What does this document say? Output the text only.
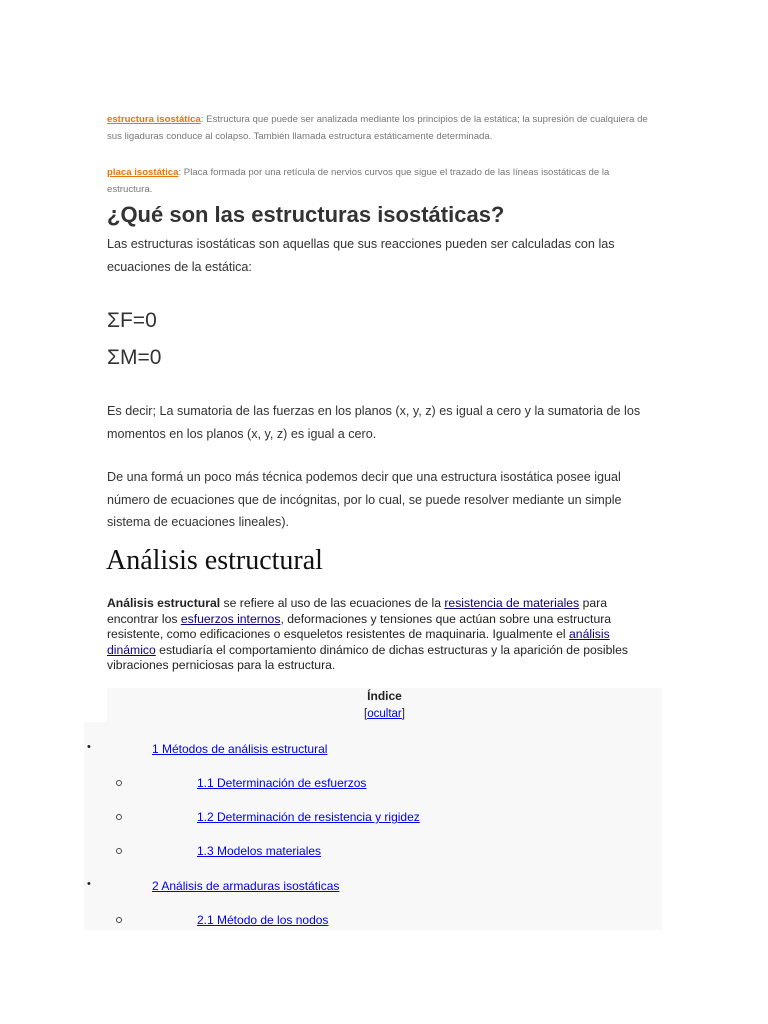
estructura isostática: Estructura que puede ser analizada mediante los principios de la estática; la supresión de cualquiera de sus ligaduras conduce al colapso. También llamada estructura estáticamente determinada.
placa isostática: Placa formada por una retícula de nervios curvos que sigue el trazado de las líneas isostáticas de la estructura.
¿Qué son las estructuras isostáticas?
Las estructuras isostáticas son aquellas que sus reacciones pueden ser calculadas con las ecuaciones de la estática:
ΣF=0
ΣM=0
Es decir; La sumatoria de las fuerzas en los planos (x, y, z) es igual a cero y la sumatoria de los momentos en los planos (x, y, z) es igual a cero.
De una formá un poco más técnica podemos decir que una estructura isostática posee igual número de ecuaciones que de incógnitas, por lo cual, se puede resolver mediante un simple sistema de ecuaciones lineales).
Análisis estructural
Análisis estructural se refiere al uso de las ecuaciones de la resistencia de materiales para encontrar los esfuerzos internos, deformaciones y tensiones que actúan sobre una estructura resistente, como edificaciones o esqueletos resistentes de maquinaria. Igualmente el análisis dinámico estudiaría el comportamiento dinámico de dichas estructuras y la aparición de posibles vibraciones perniciosas para la estructura.
Índice
[ocultar]
•	1 Métodos de análisis estructural
1.1 Determinación de esfuerzos
1.2 Determinación de resistencia y rigidez
1.3 Modelos materiales
•	2 Análisis de armaduras isostáticas
2.1 Método de los nodos
